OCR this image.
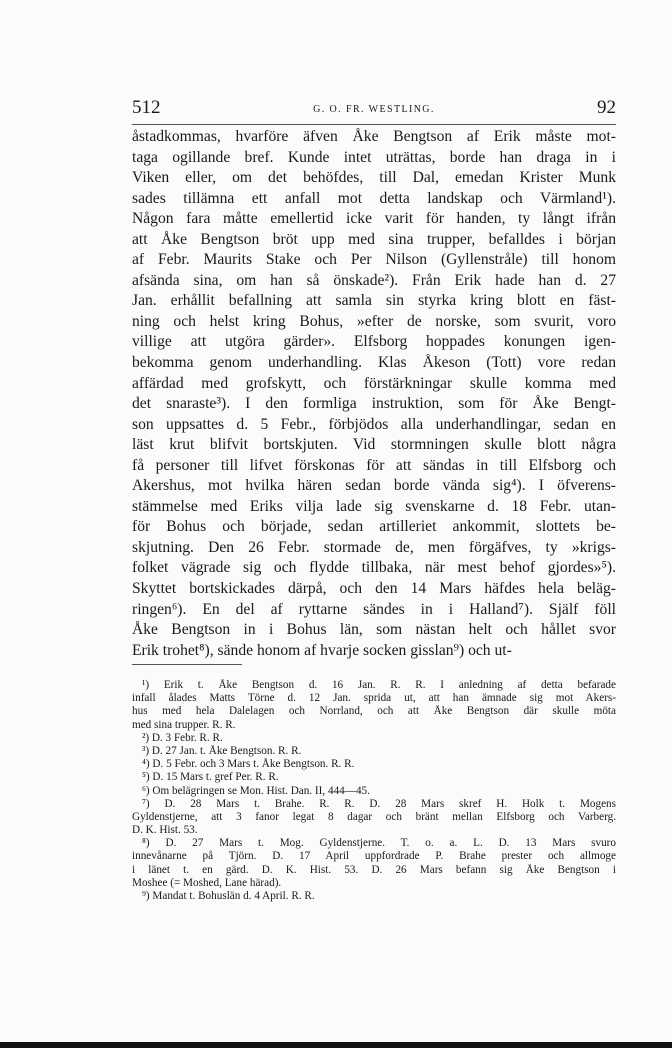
512	G. O. FR. WESTLING.	92
åstadkommas, hvarföre äfven Åke Bengtson af Erik måste mot-
taga ogillande bref. Kunde intet uträttas, borde han draga in i
Viken eller, om det behöfdes, till Dal, emedan Krister Munk
sades tillämna ett anfall mot detta landskap och Värmland¹).
Någon fara måtte emellertid icke varit för handen, ty långt ifrån
att Åke Bengtson bröt upp med sina trupper, befalldes i början
af Febr. Maurits Stake och Per Nilson (Gyllenstråle) till honom
afsända sina, om han så önskade²). Från Erik hade han d. 27
Jan. erhållit befallning att samla sin styrka kring blott en fäst-
ning och helst kring Bohus, »efter de norske, som svurit, voro
villige att utgöra gärder». Elfsborg hoppades konungen igen-
bekomma genom underhandling. Klas Åkeson (Tott) vore redan
affärdad med grofskytt, och förstärkningar skulle komma med
det snaraste³). I den formliga instruktion, som för Åke Bengt-
son uppsattes d. 5 Febr., förbjödos alla underhandlingar, sedan en
läst krut blifvit bortskjuten. Vid stormningen skulle blott några
få personer till lifvet förskonas för att sändas in till Elfsborg och
Akershus, mot hvilka hären sedan borde vända sig⁴). I öfverens-
stämmelse med Eriks vilja lade sig svenskarne d. 18 Febr. utan-
för Bohus och började, sedan artilleriet ankommit, slottets be-
skjutning. Den 26 Febr. stormade de, men förgäfves, ty »krigs-
folket vägrade sig och flydde tillbaka, när mest behof gjordes»⁵).
Skyttet bortskickades därpå, och den 14 Mars häfdes hela beläg-
ringen⁶). En del af ryttarne sändes in i Halland⁷). Själf föll
Åke Bengtson in i Bohus län, som nästan helt och hållet svor
Erik trohet⁸), sände honom af hvarje socken gisslan⁹) och ut-
¹) Erik t. Åke Bengtson d. 16 Jan. R. R. I anledning af detta befarade
infall ålades Matts Törne d. 12 Jan. sprida ut, att han ämnade sig mot Akers-
hus med hela Dalelagen och Norrland, och att Åke Bengtson där skulle möta
med sina trupper. R. R.
²) D. 3 Febr. R. R.
³) D. 27 Jan. t. Åke Bengtson. R. R.
⁴) D. 5 Febr. och 3 Mars t. Åke Bengtson. R. R.
⁵) D. 15 Mars t. gref Per. R. R.
⁶) Om belägringen se Mon. Hist. Dan. II, 444—45.
⁷) D. 28 Mars t. Brahe. R. R. D. 28 Mars skref H. Holk t. Mogens
Gyldenstjerne, att 3 fanor legat 8 dagar och bränt mellan Elfsborg och Varberg.
D. K. Hist. 53.
⁸) D. 27 Mars t. Mog. Gyldenstjerne. T. o. a. L. D. 13 Mars svuro
innevånarne på Tjörn. D. 17 April uppfordrade P. Brahe prester och allmoge
i länet t. en gärd. D. K. Hist. 53. D. 26 Mars befann sig Åke Bengtson i
Moshee (= Moshed, Lane härad).
⁹) Mandat t. Bohuslän d. 4 April. R. R.
